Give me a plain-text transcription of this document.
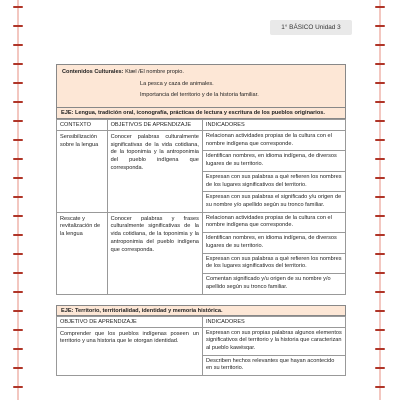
1° BÁSICO Unidad 3
Contenidos Culturales:
Ktæl /El nombre propio.
La pesca y caza de animales.
Importancia del territorio y de la historia familiar.
EJE: Lengua, tradición oral, iconografía, prácticas de lectura y escritura de los pueblos originarios.
CONTEXTO	OBJETIVOS DE APRENDIZAJE	INDICADORES
Sensibilización sobre la lengua	Conocer palabras culturalmente significativas de la vida cotidiana, de la toponimia y la antroponimia del pueblo indígena que corresponda.	Relacionan actividades propias de la cultura con el nombre indígena que corresponde.
		Identifican nombres, en idioma indígena, de diversos lugares de su territorio.
		Expresan con sus palabras a qué refieren los nombres de los lugares significativos del territorio.
		Expresan con sus palabras el significado y/u origen de su nombre y/o apellido según su tronco familiar.
Rescate y revitalización de la lengua	Conocer palabras y frases culturalmente significativas de la vida cotidiana, de la toponimia y la antroponimia del pueblo indígena que corresponda.	Relacionan actividades propias de la cultura con el nombre indígena que corresponde.
		Identifican nombres, en idioma indígena, de diversos lugares de su territorio.
		Expresan con sus palabras a qué refieren los nombres de los lugares significativos del territorio.
		Comentan significado y/u origen de su nombre y/o apellido según su tronco familiar.
EJE: Territorio, territorialidad, identidad y memoria histórica.
OBJETIVO DE APRENDIZAJE	INDICADORES
Comprender que los pueblos indígenas poseen un territorio y una historia que le otorgan identidad.	Expresan con sus propias palabras algunos elementos significativos del territorio y la historia que caracterizan al pueblo kawésqar.
	Describen hechos relevantes que hayan acontecido en su territorio.
